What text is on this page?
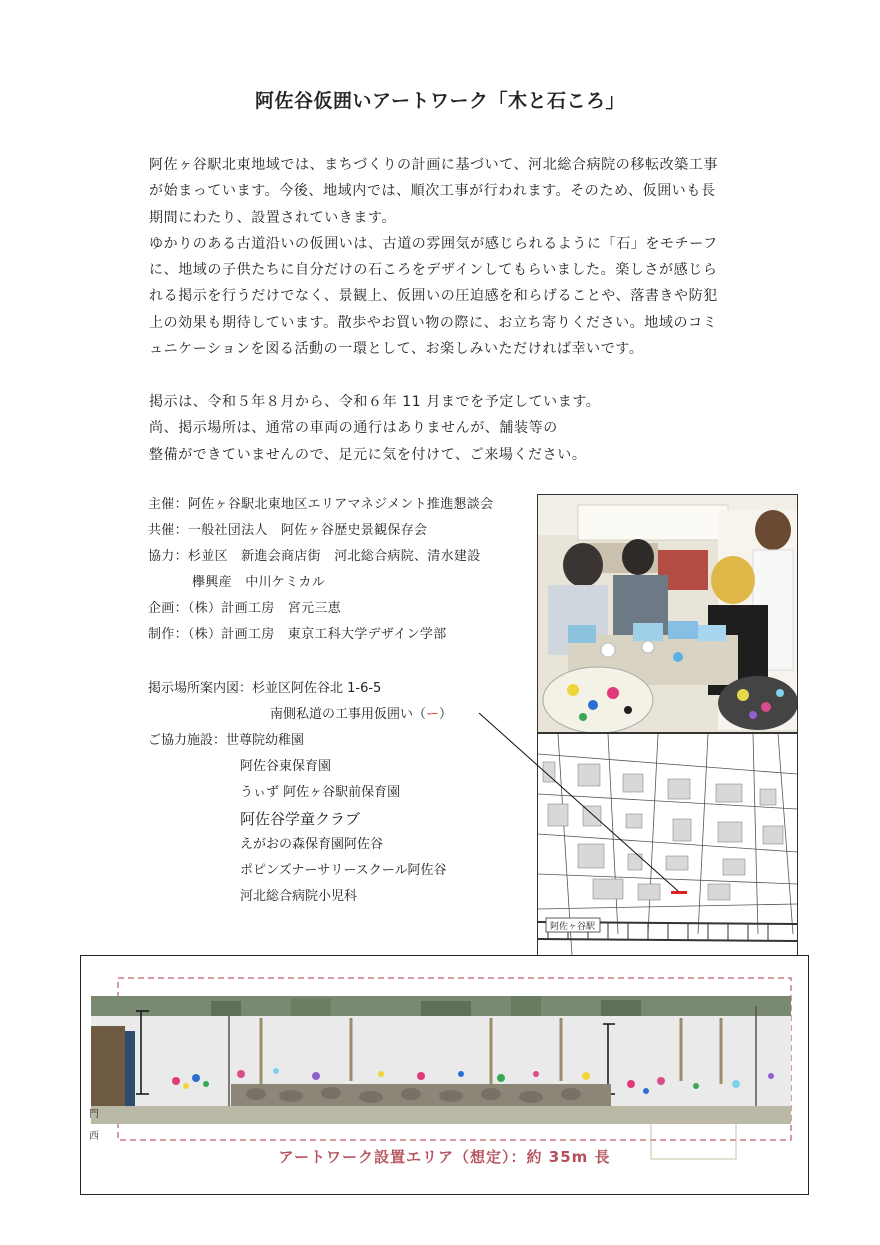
阿佐谷仮囲いアートワーク「木と石ころ」

阿佐ヶ谷駅北東地域では、まちづくりの計画に基づいて、河北総合病院の移転改築工事

が始まっています。今後、地域内では、順次工事が行われます。そのため、仮囲いも長

期間にわたり、設置されていきます。

ゆかりのある古道沿いの仮囲いは、古道の雰囲気が感じられるように「石」をモチーフ

に、地域の子供たちに自分だけの石ころをデザインしてもらいました。楽しさが感じら

れる掲示を行うだけでなく、景観上、仮囲いの圧迫感を和らげることや、落書きや防犯

上の効果も期待しています。散歩やお買い物の際に、お立ち寄りください。地域のコミ

ュニケーションを図る活動の一環として、お楽しみいただければ幸いです。

掲示は、令和５年８月から、令和６年 11 月までを予定しています。

尚、掲示場所は、通常の車両の通行はありませんが、舗装等の

整備ができていませんので、足元に気を付けて、ご来場ください。

主催：阿佐ヶ谷駅北東地区エリアマネジメント推進懇談会
共催：一般社団法人　阿佐ヶ谷歴史景観保存会
協力：杉並区　新進会商店街　河北総合病院、清水建設
欅興産　中川ケミカル
企画：（株）計画工房　宮元三恵
制作：（株）計画工房　東京工科大学デザイン学部
掲示場所案内図：杉並区阿佐谷北 1-6-5
南側私道の工事用仮囲い（ー）
ご協力施設：世尊院幼稚園
阿佐谷東保育園
うぃず 阿佐ヶ谷駅前保育園
阿佐谷学童クラブ
えがおの森保育園阿佐谷
ポピンズナーサリースクール阿佐谷
河北総合病院小児科
阿佐ヶ谷駅
門
西
アートワーク設置エリア（想定）：約 35m 長
